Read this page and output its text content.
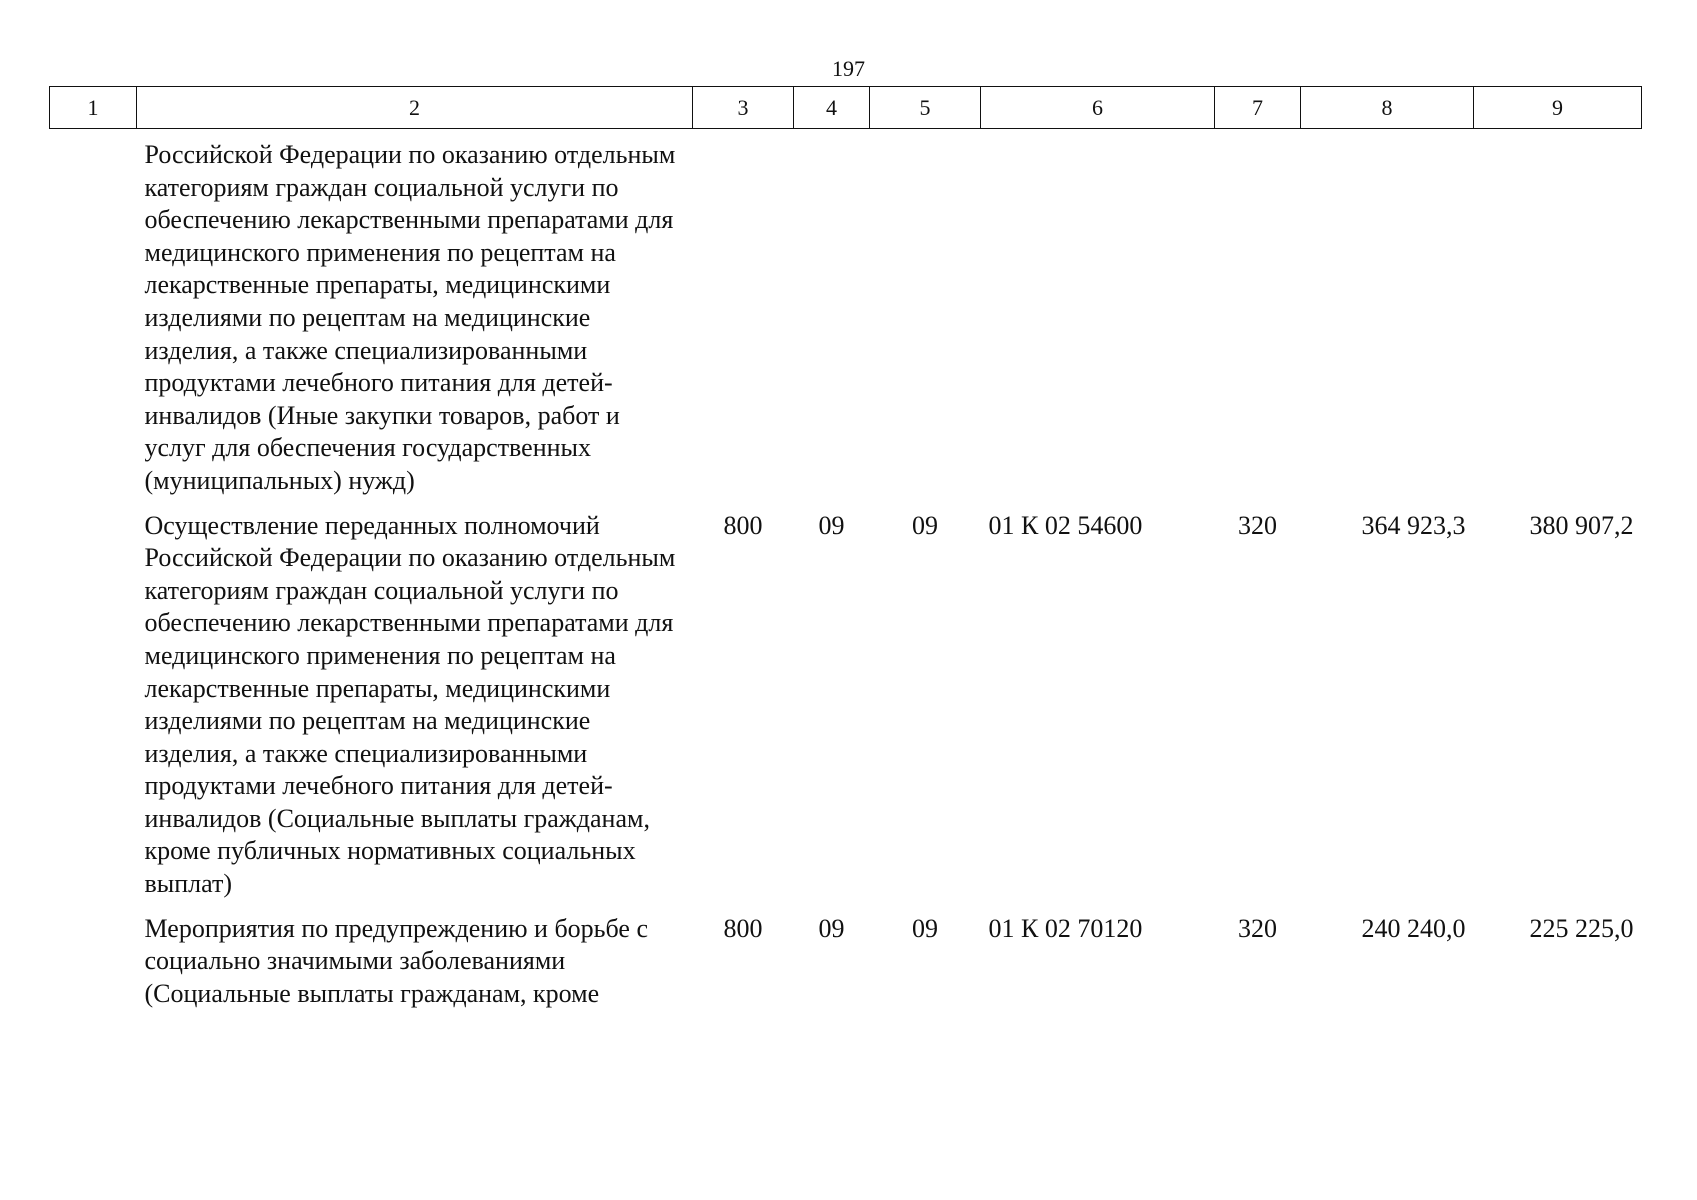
197
1	2	3	4	5	6	7	8	9
	Российской Федерации по оказанию отдельным категориям граждан социальной услуги по обеспечению лекарственными препаратами для медицинского применения по рецептам на лекарственные препараты, медицинскими изделиями по рецептам на медицинские изделия, а также специализированными продуктами лечебного питания для детей-инвалидов (Иные закупки товаров, работ и услуг для обеспечения государственных (муниципальных) нужд)							
	Осуществление переданных полномочий Российской Федерации по оказанию отдельным категориям граждан социальной услуги по обеспечению лекарственными препаратами для медицинского применения по рецептам на лекарственные препараты, медицинскими изделиями по рецептам на медицинские изделия, а также специализированными продуктами лечебного питания для детей-инвалидов (Социальные выплаты гражданам, кроме публичных нормативных социальных выплат)	800	09	09	01 К 02 54600	320	364 923,3	380 907,2
	Мероприятия по предупреждению и борьбе с социально значимыми заболеваниями (Социальные выплаты гражданам, кроме	800	09	09	01 К 02 70120	320	240 240,0	225 225,0
